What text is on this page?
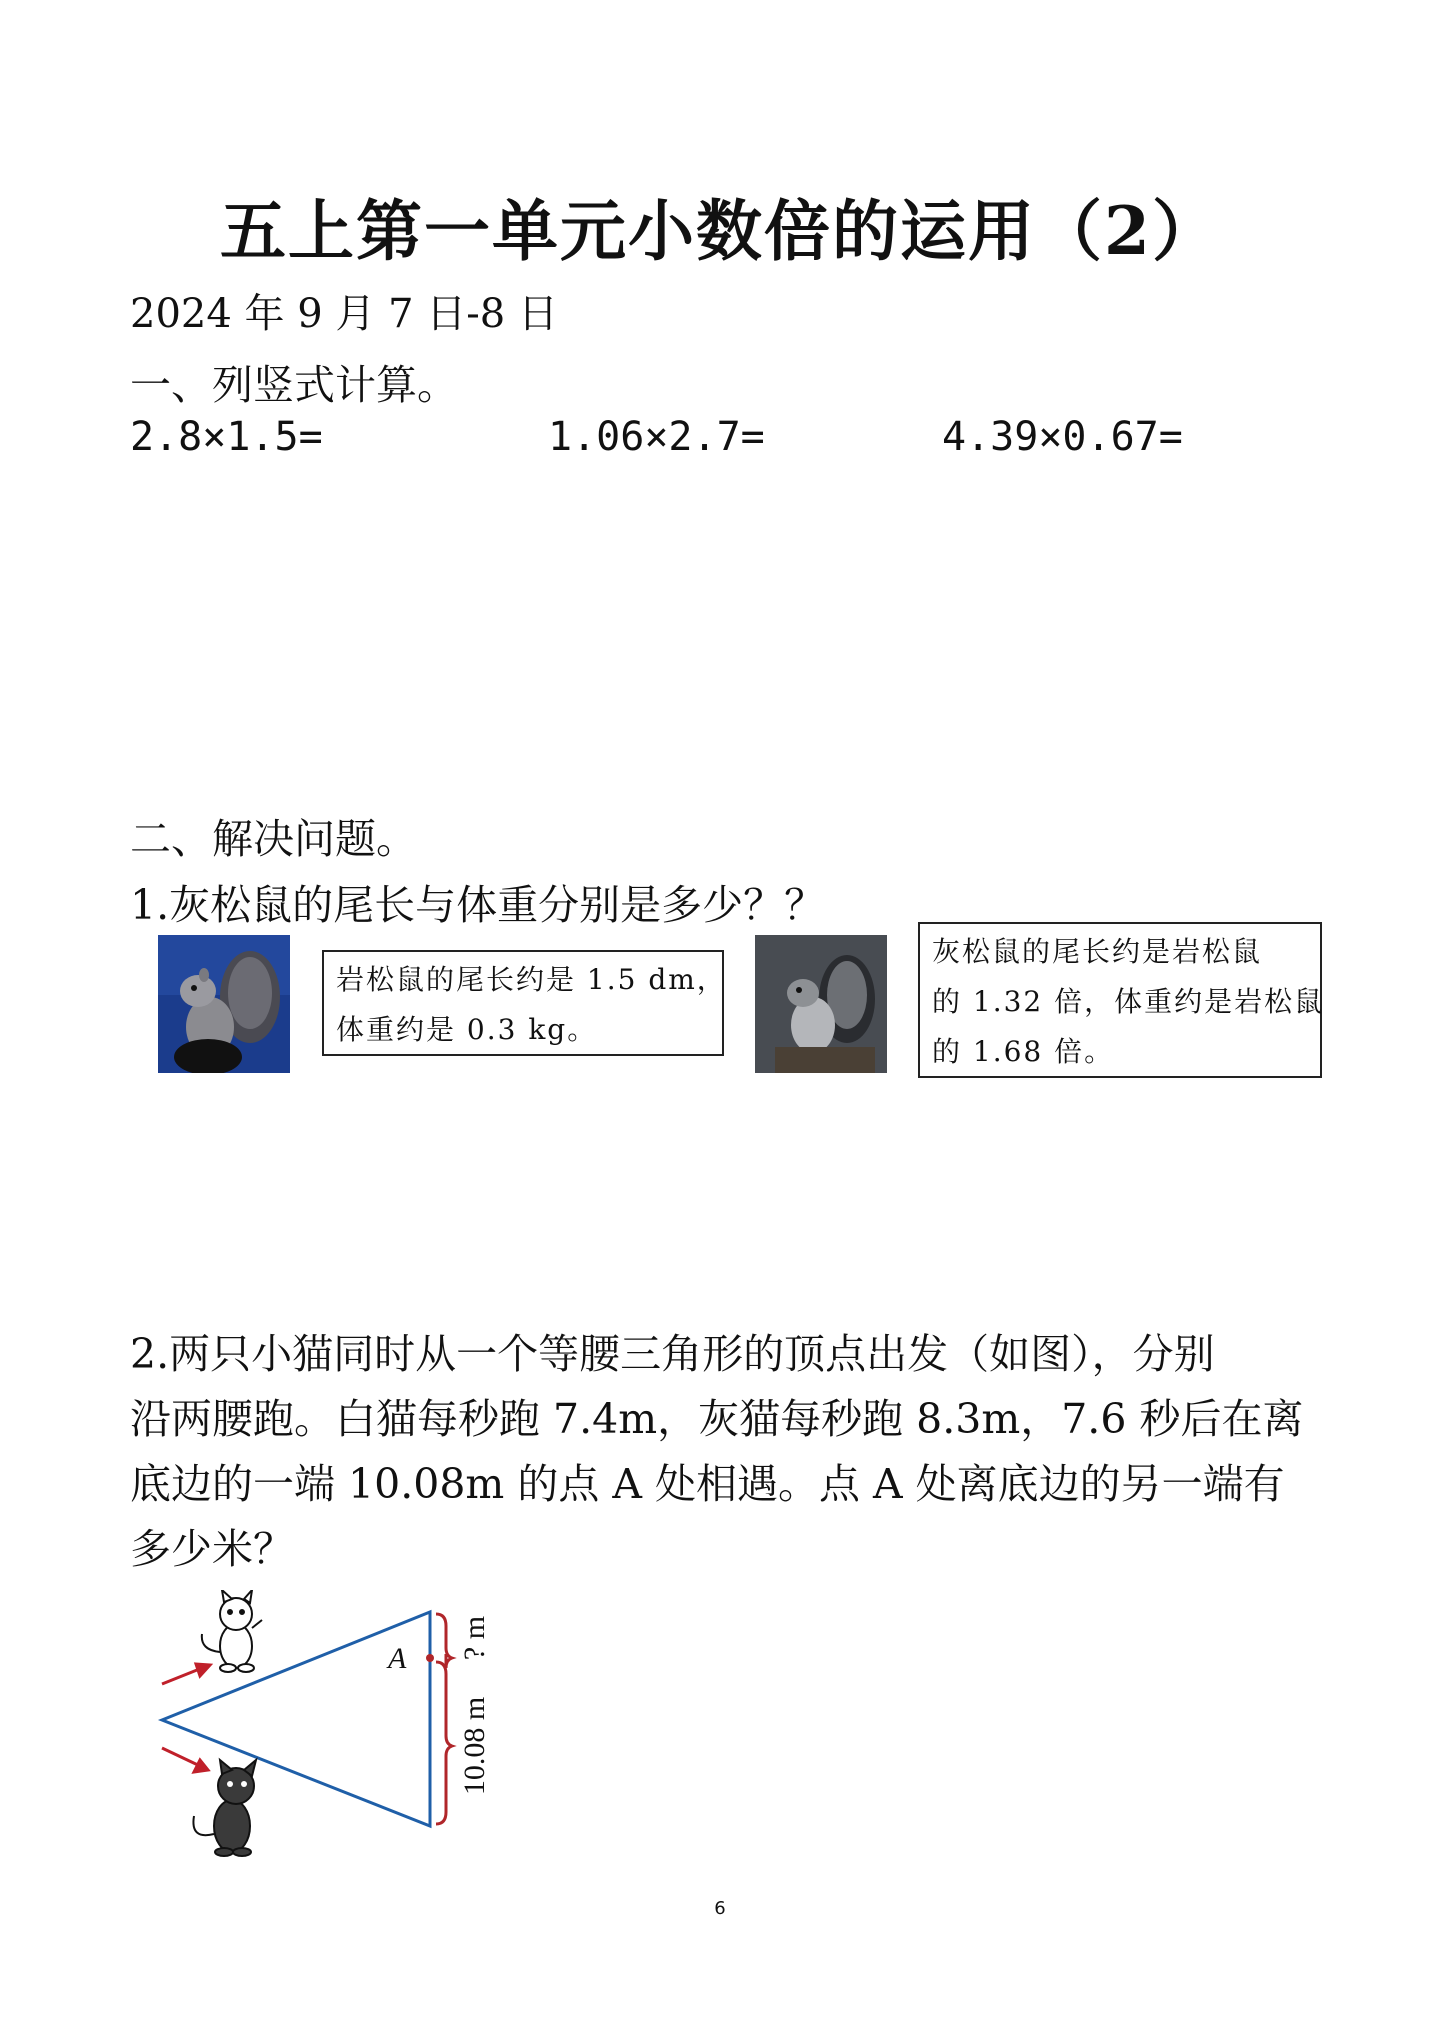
五上第一单元小数倍的运用（2）
2024 年 9 月 7 日-8 日
一、列竖式计算。
2.8×1.5=	1.06×2.7=	4.39×0.67=
二、解决问题。
1.灰松鼠的尾长与体重分别是多少？？
岩松鼠的尾长约是 1.5 dm，
体重约是 0.3 kg。
灰松鼠的尾长约是岩松鼠
的 1.32 倍，体重约是岩松鼠
的 1.68 倍。
2.两只小猫同时从一个等腰三角形的顶点出发（如图），分别
沿两腰跑。白猫每秒跑 7.4m，灰猫每秒跑 8.3m，7.6 秒后在离
底边的一端 10.08m 的点 A 处相遇。点 A 处离底边的另一端有
多少米？
A ? m
10.08 m
6
